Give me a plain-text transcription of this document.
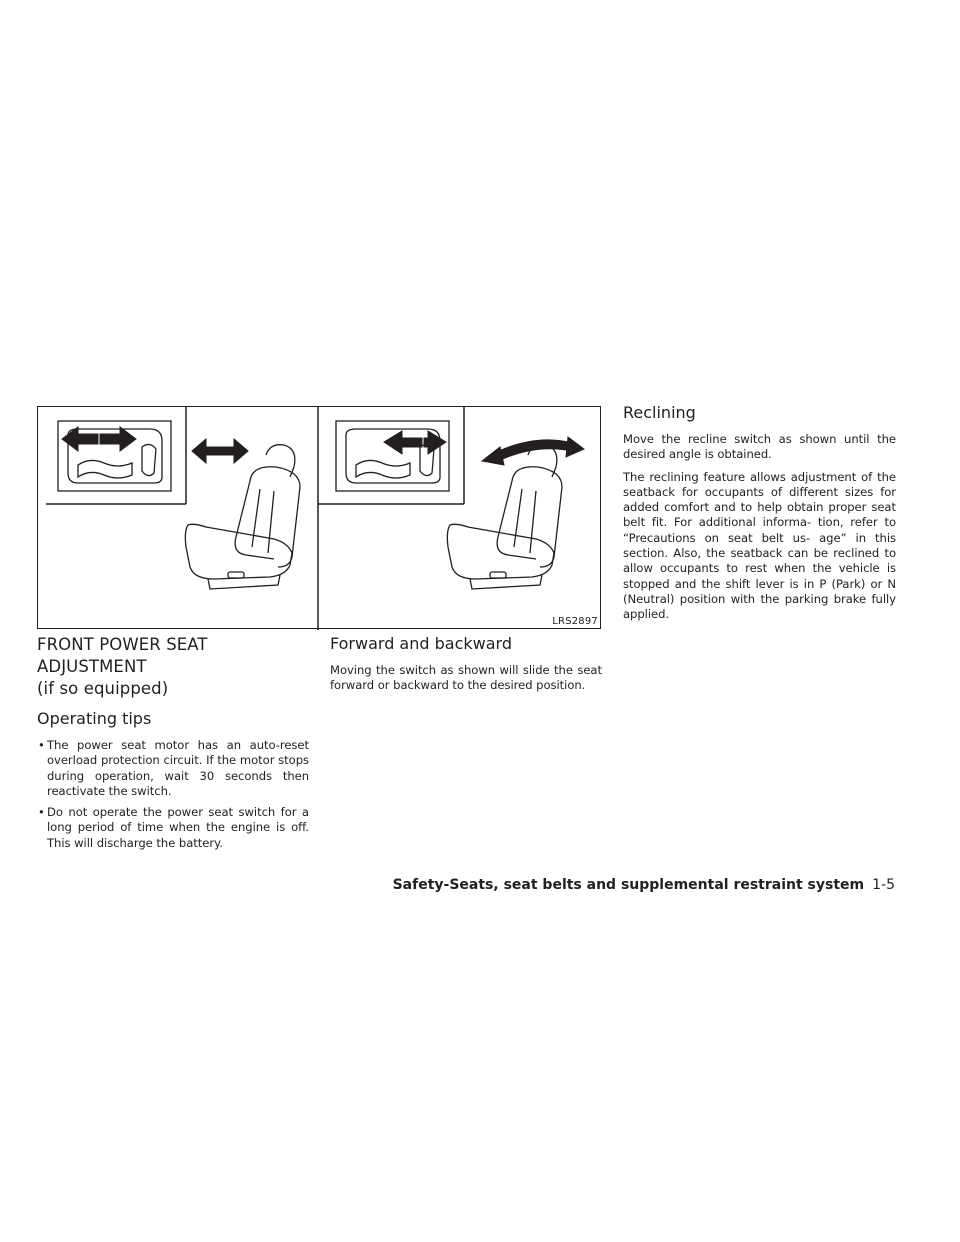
LRS2897
FRONT POWER SEAT ADJUSTMENT
(if so equipped)
Operating tips
• The power seat motor has an auto-reset overload protection circuit. If the motor stops during operation, wait 30 seconds then reactivate the switch.
• Do not operate the power seat switch for a long period of time when the engine is off. This will discharge the battery.
Forward and backward

Moving the switch as shown will slide the seat forward or backward to the desired position.

Reclining

Move the recline switch as shown until the desired angle is obtained.

The reclining feature allows adjustment of the seatback for occupants of different sizes for added comfort and to help obtain proper seat belt fit. For additional informa- tion, refer to “Precautions on seat belt us- age” in this section. Also, the seatback can be reclined to allow occupants to rest when the vehicle is stopped and the shift lever is in P (Park) or N (Neutral) position with the parking brake fully applied.

Safety-Seats, seat belts and supplemental restraint system 1-5
